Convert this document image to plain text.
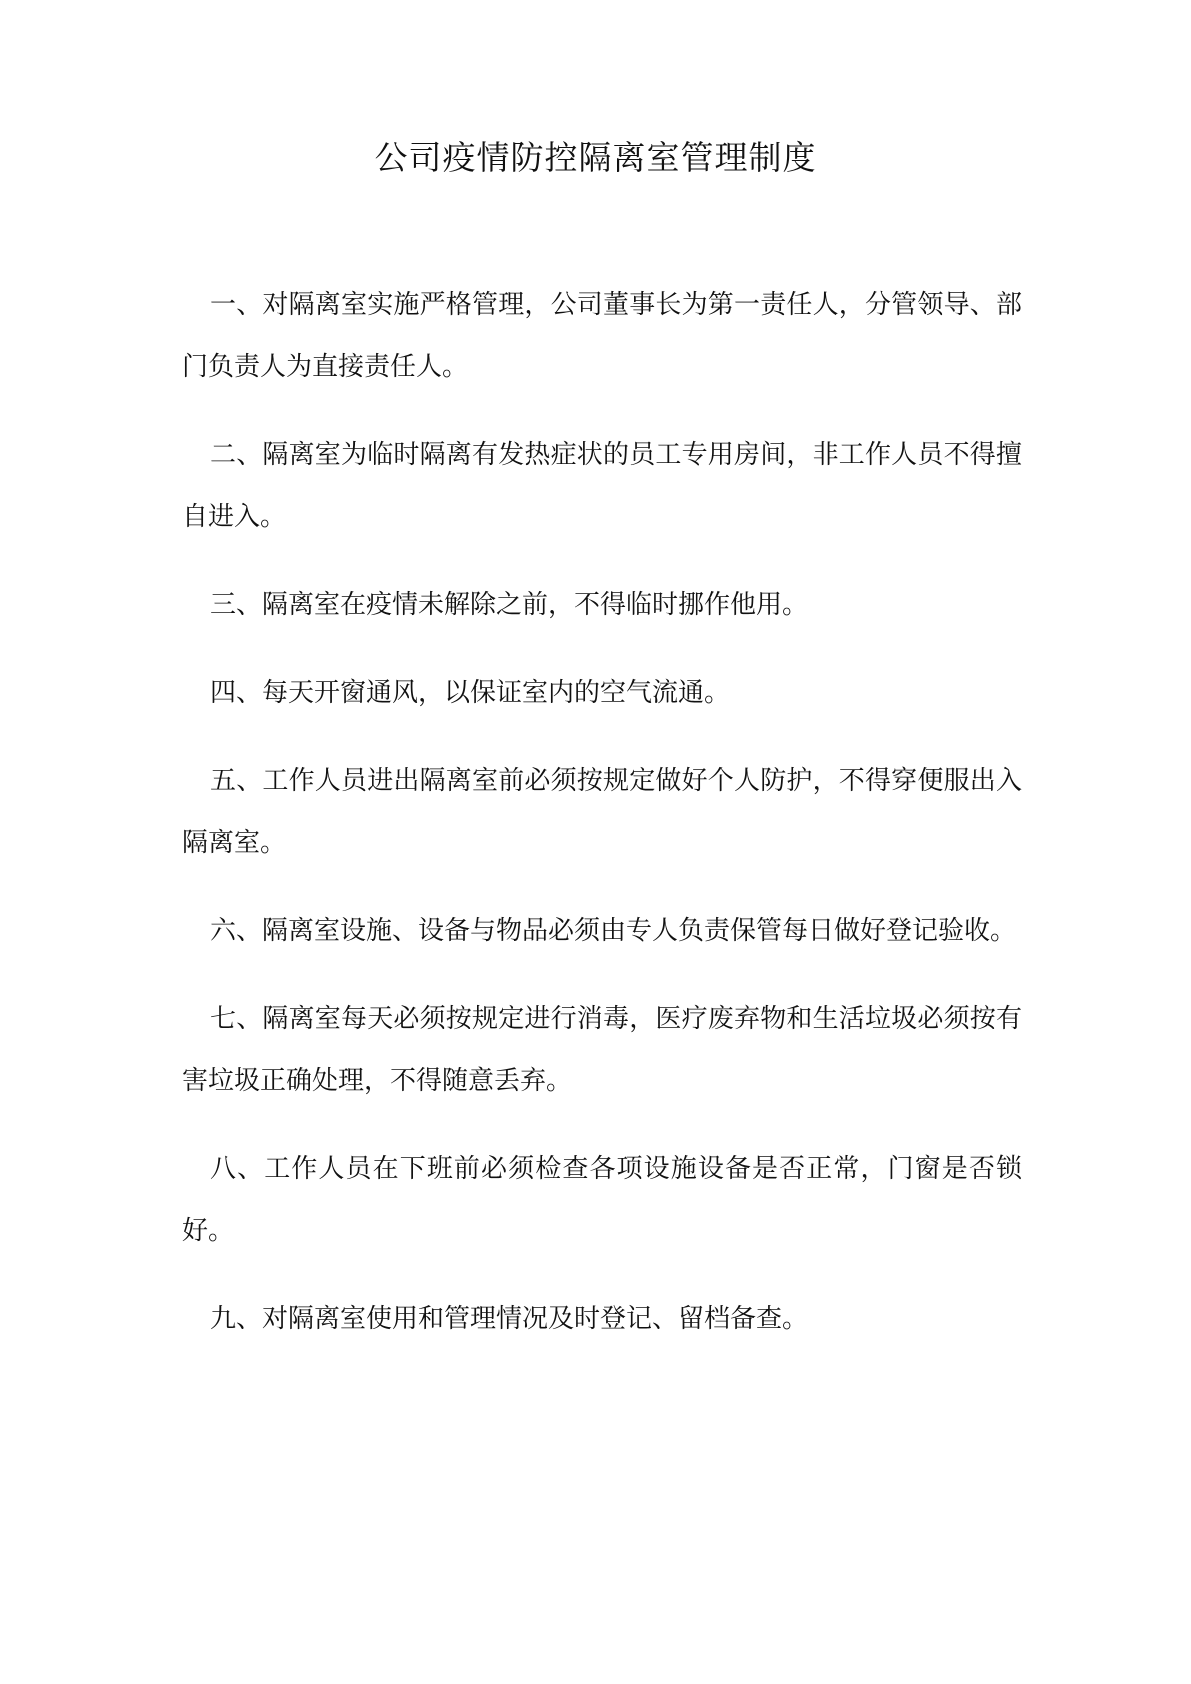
公司疫情防控隔离室管理制度

一、对隔离室实施严格管理，公司董事长为第一责任人，分管领导、部门负责人为直接责任人。

二、隔离室为临时隔离有发热症状的员工专用房间，非工作人员不得擅自进入。

三、隔离室在疫情未解除之前，不得临时挪作他用。

四、每天开窗通风，以保证室内的空气流通。

五、工作人员进出隔离室前必须按规定做好个人防护，不得穿便服出入隔离室。

六、隔离室设施、设备与物品必须由专人负责保管每日做好登记验收。

七、隔离室每天必须按规定进行消毒，医疗废弃物和生活垃圾必须按有害垃圾正确处理，不得随意丢弃。

八、工作人员在下班前必须检查各项设施设备是否正常，门窗是否锁好。

九、对隔离室使用和管理情况及时登记、留档备查。
